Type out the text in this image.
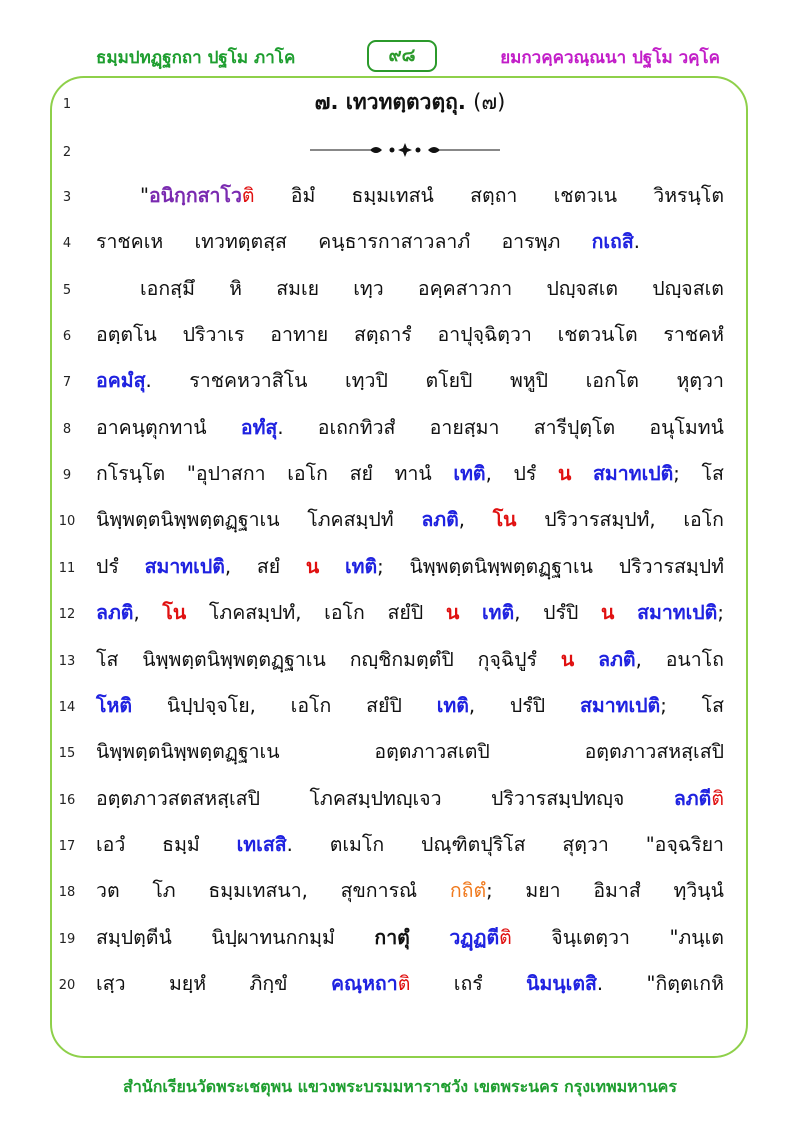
ธมฺมปทฏฺฐกถา ปฐโม ภาโค	๙๘	ยมกวคฺควณฺณนา ปฐโม วคฺโค
1
2
3
4
5
6
7
8
9
10
11
12
13
14
15
16
17
18
19
20
๗. เทวทตฺตวตฺถุ. (๗)
"อนิกฺกสาโวติ อิมํ ธมฺมเทสนํ สตฺถา เชตวเน วิหรนฺโต
ราชคเห เทวทตฺตสฺส คนฺธารกาสาวลาภํ อารพฺภ กเถสิ.
เอกสฺมึ หิ สมเย เทฺว อคฺคสาวกา ปญฺจสเต ปญฺจสเต
อตฺตโน ปริวาเร อาทาย สตฺถารํ อาปุจฺฉิตฺวา เชตวนโต ราชคหํ
อคมํสุ. ราชคหวาสิโน เทฺวปิ ตโยปิ พหูปิ เอกโต หุตฺวา
อาคนฺตุกทานํ อทํสุ. อเถกทิวสํ อายสฺมา สารีปุตฺโต อนุโมทนํ
กโรนฺโต "อุปาสกา เอโก สยํ ทานํ เทติ, ปรํ น สมาทเปติ; โส
นิพฺพตฺตนิพฺพตฺตฏฺฐาเน โภคสมฺปทํ ลภติ, โน ปริวารสมฺปทํ, เอโก
ปรํ สมาทเปติ, สยํ น เทติ; นิพฺพตฺตนิพฺพตฺตฏฺฐาเน ปริวารสมฺปทํ
ลภติ, โน โภคสมฺปทํ, เอโก สยํปิ น เทติ, ปรํปิ น สมาทเปติ;
โส นิพฺพตฺตนิพฺพตฺตฏฺฐาเน กญฺชิกมตฺตํปิ กุจฺฉิปูรํ น ลภติ, อนาโถ
โหติ นิปฺปจฺจโย, เอโก สยํปิ เทติ, ปรํปิ สมาทเปติ; โส
นิพฺพตฺตนิพฺพตฺตฏฺฐาเน	อตฺตภาวสเตปิ	อตฺตภาวสหสฺเสปิ
อตฺตภาวสตสหสฺเสปิ	โภคสมฺปทญฺเจว	ปริวารสมฺปทญฺจ	ลภตีติ
เอวํ ธมฺมํ เทเสสิ. ตเมโก ปณฺฑิตปุริโส สุตฺวา "อจฺฉริยา
วต โภ ธมฺมเทสนา, สุขการณํ กถิตํ; มยา อิมาสํ ทฺวินฺนํ
สมฺปตฺตีนํ นิปฺผาทนกกมฺมํ กาตุํ วฏฺฏตีติ จินฺเตตฺวา "ภนฺเต
เสฺว มยฺหํ ภิกฺขํ คณฺหถาติ เถรํ นิมนฺเตสิ. "กิตฺตเกหิ
สำนักเรียนวัดพระเชตุพน แขวงพระบรมมหาราชวัง เขตพระนคร กรุงเทพมหานคร
